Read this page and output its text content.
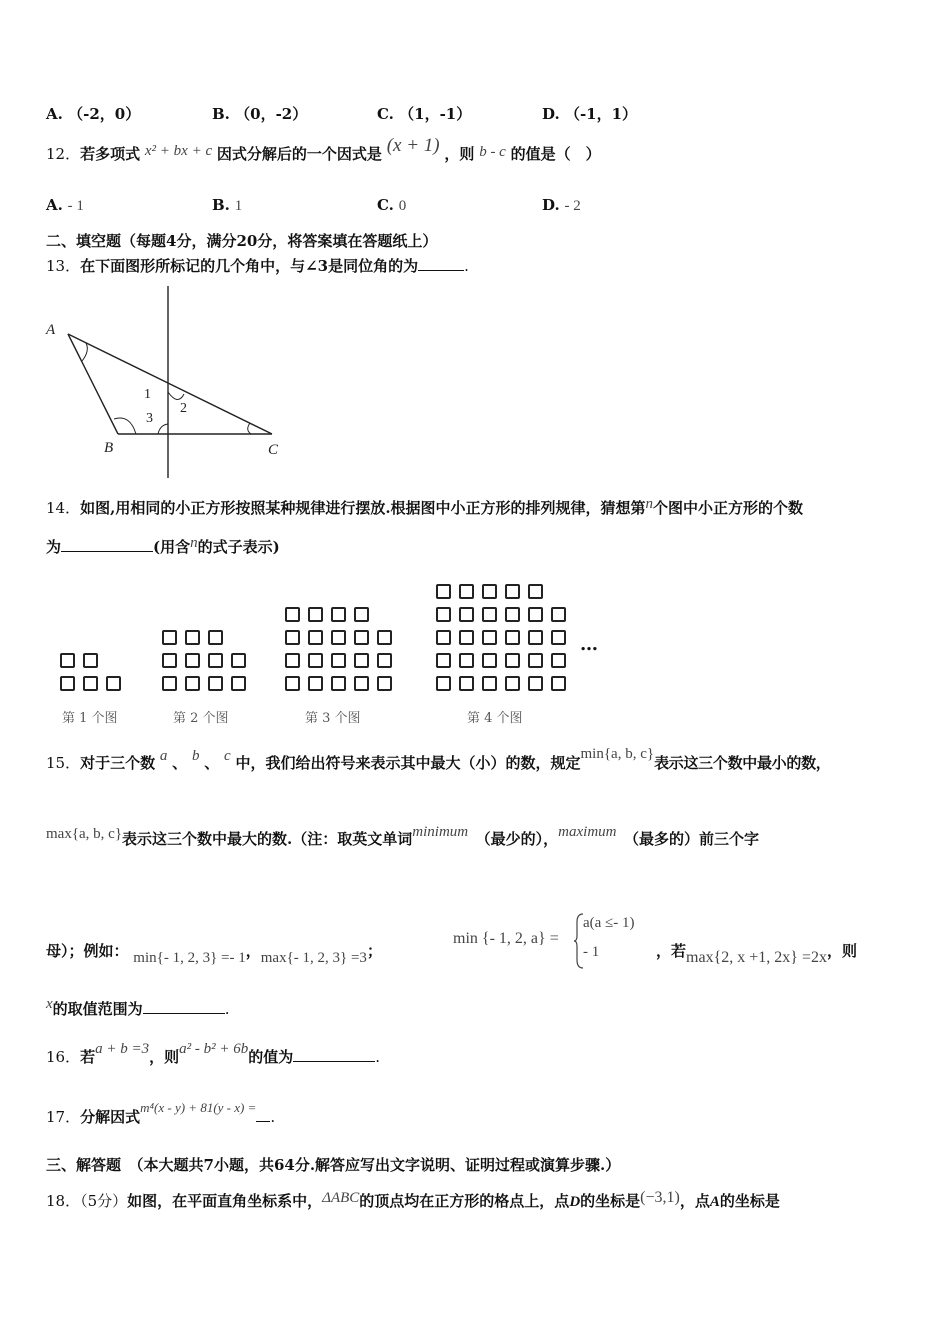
A. （-2，0）	B. （0，-2）	C. （1，-1）	D. （-1，1）
12．若多项式 x² + bx + c 因式分解后的一个因式是 (x + 1) ，则 b - c 的值是（　）
A. - 1	B. 1	C. 0	D. - 2
二、填空题（每题4分，满分20分，将答案填在答题纸上）
13．在下面图形所标记的几个角中，与∠3是同位角的为	.
A
B	C
1
2
3
14．如图,用相同的小正方形按照某种规律进行摆放.根据图中小正方形的排列规律，猜想第n个图中小正方形的个数
为	(用含n的式子表示)
…
第 1 个图	第 2 个图	第 3 个图	第 4 个图
15．对于三个数 a 、 b 、 c 中，我们给出符号来表示其中最大（小）的数，规定min{a, b, c}表示这三个数中最小的数，
max{a, b, c}表示这三个数中最大的数.（注：取英文单词minimum　 （最少的），maximum　 （最多的）前三个字
母）；例如： min{- 1, 2, 3} =- 1，max{- 1, 2, 3} =3；
min {- 1, 2, a} =
a(a ≤- 1)
- 1	，若max{2, x +1, 2x} =2x，则
x的取值范围为	.
16．若a + b =3，则a² - b² + 6b的值为	.
17．分解因式m⁴(x - y) + 81(y - x) =.
三、解答题　（本大题共7小题，共64分.解答应写出文字说明、证明过程或演算步骤.）
18．（5分）如图，在平面直角坐标系中，ΔABC的顶点均在正方形的格点上，点D的坐标是(−3,1)，点A的坐标是
